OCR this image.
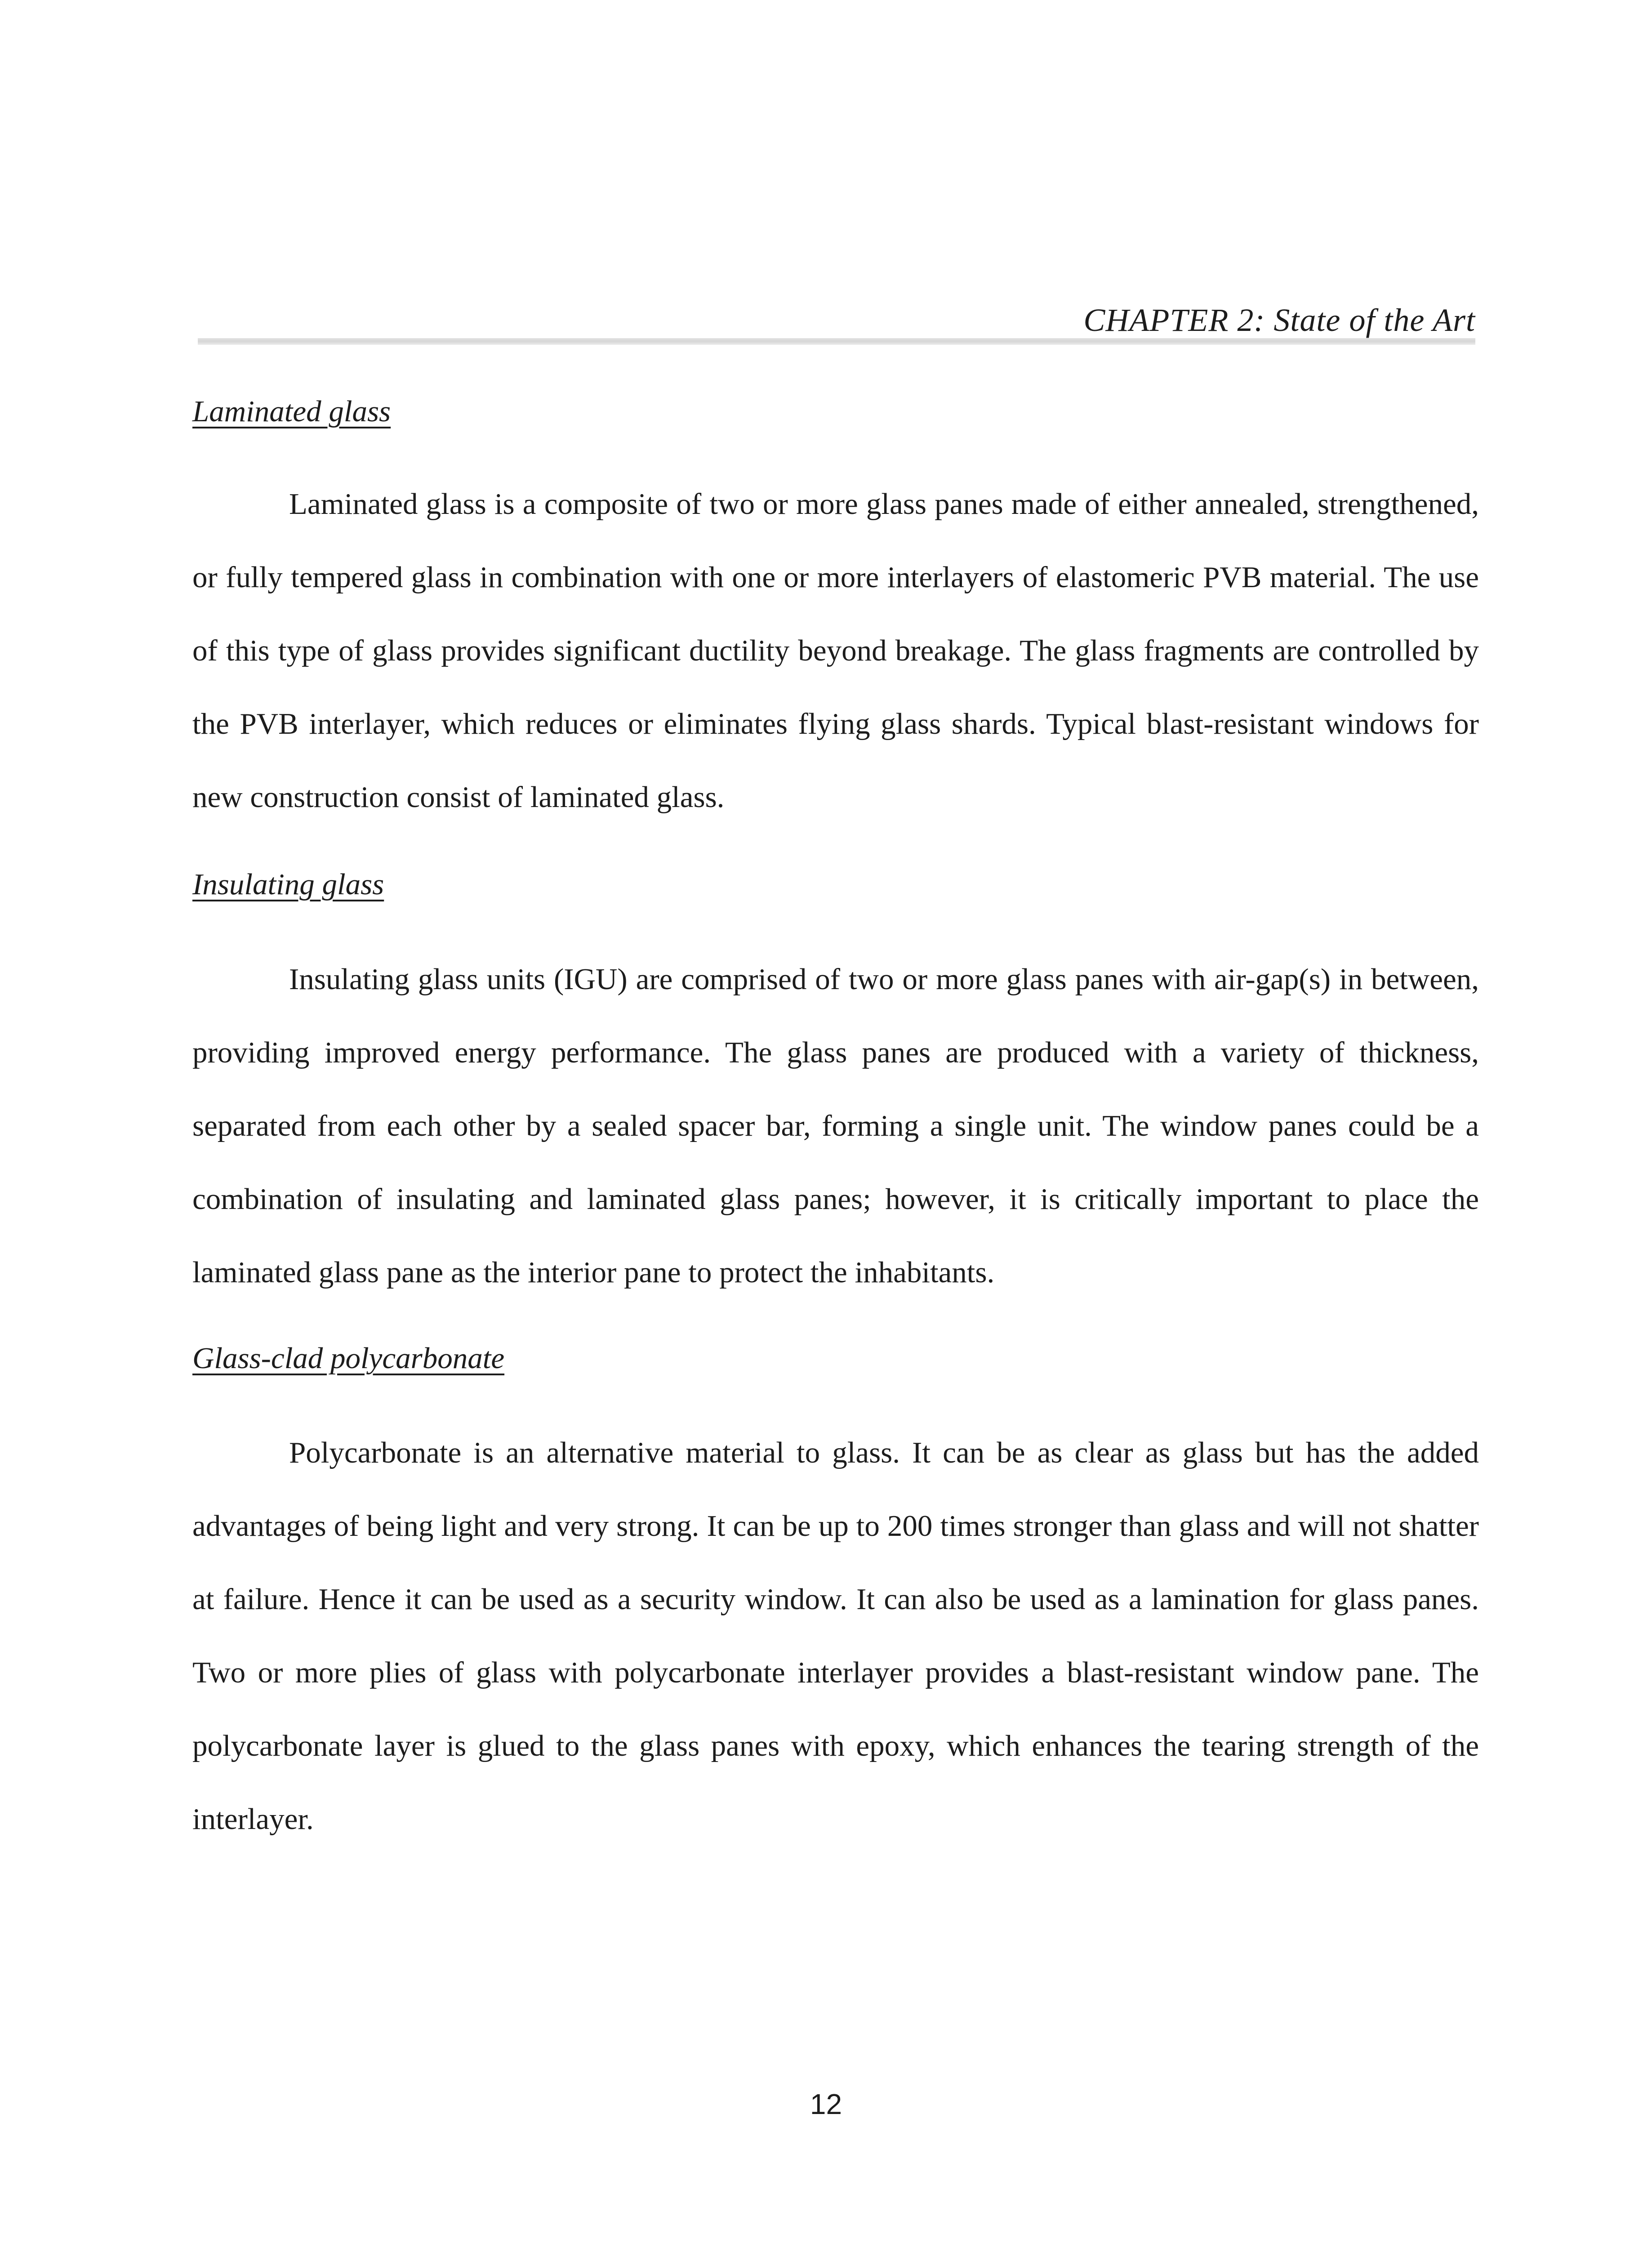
CHAPTER 2: State of the Art
Laminated glass

Laminated glass is a composite of two or more glass panes made of either annealed, strengthened, or fully tempered glass in combination with one or more interlayers of elastomeric PVB material. The use of this type of glass provides significant ductility beyond breakage. The glass fragments are controlled by the PVB interlayer, which reduces or eliminates flying glass shards. Typical blast-resistant windows for new construction consist of laminated glass.

Insulating glass

Insulating glass units (IGU) are comprised of two or more glass panes with air-gap(s) in between, providing improved energy performance. The glass panes are produced with a variety of thickness, separated from each other by a sealed spacer bar, forming a single unit. The window panes could be a combination of insulating and laminated glass panes; however, it is critically important to place the laminated glass pane as the interior pane to protect the inhabitants.

Glass-clad polycarbonate

Polycarbonate is an alternative material to glass. It can be as clear as glass but has the added advantages of being light and very strong. It can be up to 200 times stronger than glass and will not shatter at failure. Hence it can be used as a security window. It can also be used as a lamination for glass panes. Two or more plies of glass with polycarbonate interlayer provides a blast-resistant window pane. The polycarbonate layer is glued to the glass panes with epoxy, which enhances the tearing strength of the interlayer.

12
